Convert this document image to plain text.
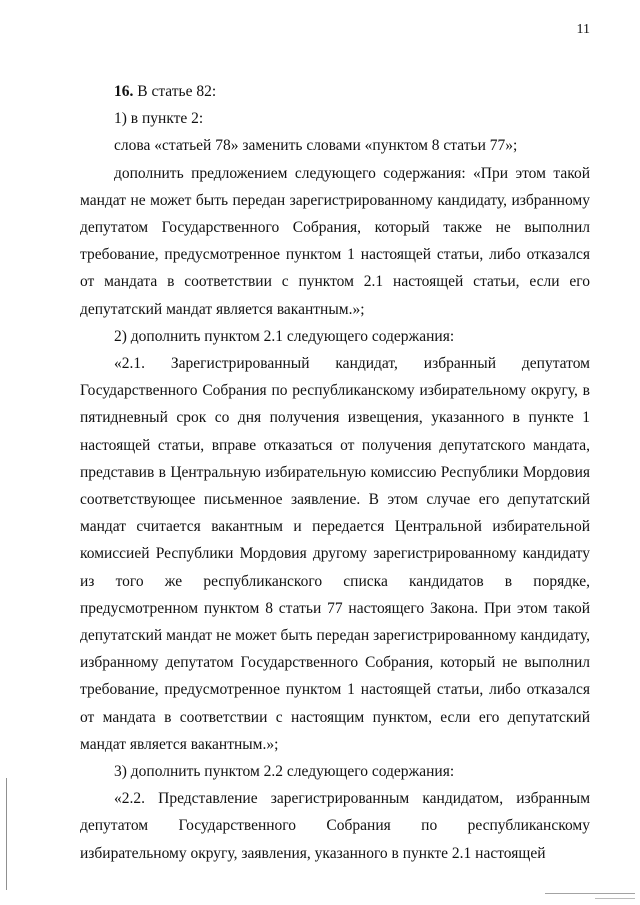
11

16. В статье 82:

1) в пункте 2:

слова «статьей 78» заменить словами «пунктом 8 статьи 77»;

дополнить предложением следующего содержания: «При этом такой мандат не может быть передан зарегистрированному кандидату, избранному депутатом Государственного Собрания, который также не выполнил требование, предусмотренное пунктом 1 настоящей статьи, либо отказался от мандата в соответствии с пунктом 2.1 настоящей статьи, если его депутатский мандат является вакантным.»;

2) дополнить пунктом 2.1 следующего содержания:

«2.1. Зарегистрированный кандидат, избранный депутатом Государственного Собрания по республиканскому избирательному округу, в пятидневный срок со дня получения извещения, указанного в пункте 1 настоящей статьи, вправе отказаться от получения депутатского мандата, представив в Центральную избирательную комиссию Республики Мордовия соответствующее письменное заявление. В этом случае его депутатский мандат считается вакантным и передается Центральной избирательной комиссией Республики Мордовия другому зарегистрированному кандидату из того же республиканского списка кандидатов в порядке, предусмотренном пунктом 8 статьи 77 настоящего Закона. При этом такой депутатский мандат не может быть передан зарегистрированному кандидату, избранному депутатом Государственного Собрания, который не выполнил требование, предусмотренное пунктом 1 настоящей статьи, либо отказался от мандата в соответствии с настоящим пунктом, если его депутатский мандат является вакантным.»;

3) дополнить пунктом 2.2 следующего содержания:

«2.2. Представление зарегистрированным кандидатом, избранным депутатом Государственного Собрания по республиканскому избирательному округу, заявления, указанного в пункте 2.1 настоящей
